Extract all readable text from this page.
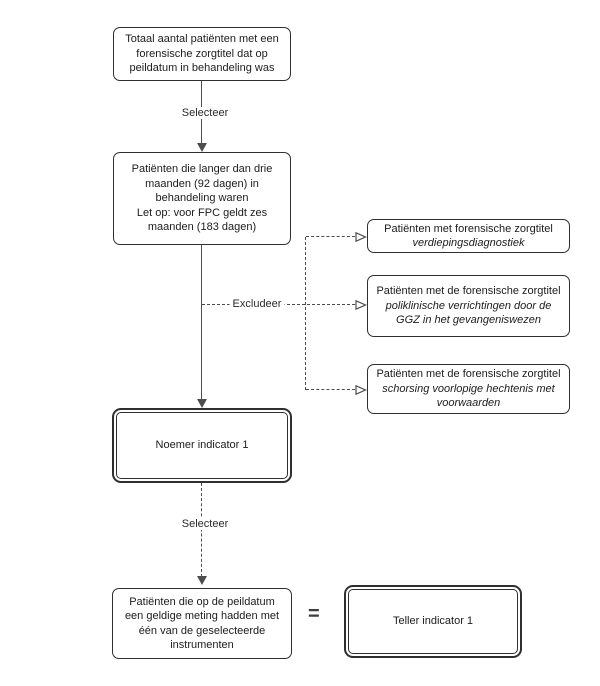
Totaal aantal patiënten met een forensische zorgtitel dat op peildatum in behandeling was
Selecteer
Patiënten die langer dan drie maanden (92 dagen) in behandeling waren
Let op: voor FPC geldt zes maanden (183 dagen)
Excludeer
Patiënten met forensische zorgtitel
verdiepingsdiagnostiek
Patiënten met de forensische zorgtitel
poliklinische verrichtingen door de GGZ in het gevangeniswezen
Patiënten met de forensische zorgtitel
schorsing voorlopige hechtenis met voorwaarden
Noemer indicator 1
Selecteer
Patiënten die op de peildatum een geldige meting hadden met één van de geselecteerde instrumenten
=	Teller indicator 1
